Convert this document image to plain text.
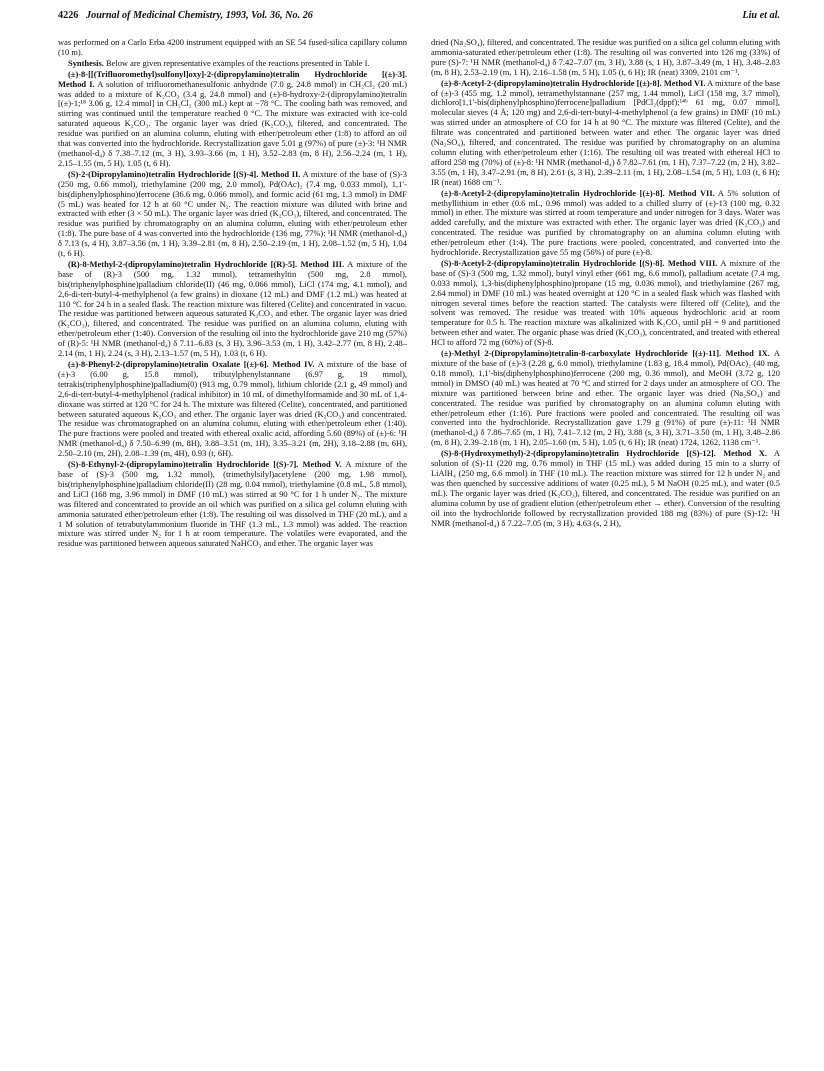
4226 Journal of Medicinal Chemistry, 1993, Vol. 36, No. 26	Liu et al.

was performed on a Carlo Erba 4200 instrument equipped with an SE 54 fused-silica capillary column (10 m).

Synthesis. Below are given representative examples of the reactions presented in Table I.

(±)-8-[[(Trifluoromethyl)sulfonyl]oxy]-2-(dipropylamino)tetralin Hydrochloride [(±)-3]. Method I. A solution of trifluoromethanesulfonic anhydride (7.0 g, 24.8 mmol) in CH₂Cl₂ (20 mL) was added to a mixture of K₂CO₃ (3.4 g, 24.8 mmol) and (±)-8-hydroxy-2-(dipropylamino)tetralin [(±)-1;¹⁸ 3.06 g, 12.4 mmol] in CH₂Cl₂ (300 mL) kept at −78 °C. The cooling bath was removed, and stirring was continued until the temperature reached 0 °C. The mixture was extracted with ice-cold saturated aqueous K₂CO₃. The organic layer was dried (K₂CO₃), filtered, and concentrated. The residue was purified on an alumina column, eluting with ether/petroleum ether (1:8) to afford an oil that was converted into the hydrochloride. Recrystallization gave 5.01 g (97%) of pure (±)-3: ¹H NMR (methanol-d₄) δ 7.38–7.12 (m, 3 H), 3.93–3.66 (m, 1 H), 3.52–2.83 (m, 8 H), 2.56–2.24 (m, 1 H), 2.15–1.55 (m, 5 H), 1.05 (t, 6 H).

(S)-2-(Dipropylamino)tetralin Hydrochloride [(S)-4]. Method II. A mixture of the base of (S)-3 (250 mg, 0.66 mmol), triethylamine (200 mg, 2.0 mmol), Pd(OAc)₂ (7.4 mg, 0.033 mmol), 1,1′-bis(diphenylphosphino)ferrocene (36.6 mg, 0.066 mmol), and formic acid (61 mg, 1.3 mmol) in DMF (5 mL) was heated for 12 h at 60 °C under N₂. The reaction mixture was diluted with brine and extracted with ether (3 × 50 mL). The organic layer was dried (K₂CO₃), filtered, and concentrated. The residue was purified by chromatography on an alumina column, eluting with ether/petroleum ether (1:8). The pure base of 4 was converted into the hydrochloride (136 mg, 77%): ¹H NMR (methanol-d₄) δ 7.13 (s, 4 H), 3.87–3.56 (m, 1 H), 3.39–2.81 (m, 8 H), 2.50–2.19 (m, 1 H), 2.08–1.52 (m, 5 H), 1.04 (t, 6 H).

(R)-8-Methyl-2-(dipropylamino)tetralin Hydrochloride [(R)-5]. Method III. A mixture of the base of (R)-3 (500 mg, 1.32 mmol), tetramethyltin (500 mg, 2.8 mmol), bis(triphenylphosphine)palladium chloride(II) (46 mg, 0.066 mmol), LiCl (174 mg, 4.1 mmol), and 2,6-di-tert-butyl-4-methylphenol (a few grains) in dioxane (12 mL) and DMF (1.2 mL) was heated at 110 °C for 24 h in a sealed flask. The reaction mixture was filtered (Celite) and concentrated in vacuo. The residue was partitioned between aqueous saturated K₂CO₃ and ether. The organic layer was dried (K₂CO₃), filtered, and concentrated. The residue was purified on an alumina column, eluting with ether/petroleum ether (1:40). Conversion of the resulting oil into the hydrochloride gave 210 mg (57%) of (R)-5: ¹H NMR (methanol-d₄) δ 7.11–6.83 (s, 3 H), 3.96–3.53 (m, 1 H), 3.42–2.77 (m, 8 H), 2.48–2.14 (m, 1 H), 2.24 (s, 3 H), 2.13–1.57 (m, 5 H), 1.03 (t, 6 H).

(±)-8-Phenyl-2-(dipropylamino)tetralin Oxalate [(±)-6]. Method IV. A mixture of the base of (±)-3 (6.00 g, 15.8 mmol), tributylphenylstannane (6.97 g, 19 mmol), tetrakis(triphenylphosphine)palladium(0) (913 mg, 0.79 mmol), lithium chloride (2.1 g, 49 mmol) and 2,6-di-tert-butyl-4-methylphenol (radical inhibitor) in 10 mL of dimethylformamide and 30 mL of 1,4-dioxane was stirred at 120 °C for 24 h. The mixture was filtered (Celite), concentrated, and partitioned between saturated aqueous K₂CO₃ and ether. The organic layer was dried (K₂CO₃) and concentrated. The residue was chromatographed on an alumina column, eluting with ether/petroleum ether (1:40). The pure fractions were pooled and treated with ethereal oxalic acid, affording 5.60 (89%) of (±)-6: ¹H NMR (methanol-d₄) δ 7.50–6.99 (m, 8H), 3.88–3.51 (m, 1H), 3.35–3.21 (m, 2H), 3.18–2.88 (m, 6H), 2.50–2.10 (m, 2H), 2.08–1.39 (m, 4H), 0.93 (t, 6H).

(S)-8-Ethynyl-2-(dipropylamino)tetralin Hydrochloride [(S)-7]. Method V. A mixture of the base of (S)-3 (500 mg, 1.32 mmol), (trimethylsilyl)acetylene (200 mg, 1.98 mmol), bis(triphenylphosphine)palladium chloride(II) (28 mg, 0.04 mmol), triethylamine (0.8 mL, 5.8 mmol), and LiCl (168 mg, 3.96 mmol) in DMF (10 mL) was stirred at 90 °C for 1 h under N₂. The mixture was filtered and concentrated to provide an oil which was purified on a silica gel column eluting with ammonia saturated ether/petroleum ether (1:8). The resulting oil was dissolved in THF (20 mL), and a 1 M solution of tetrabutylammonium fluoride in THF (1.3 mL, 1.3 mmol) was added. The reaction mixture was stirred under N₂ for 1 h at room temperature. The volatiles were evaporated, and the residue was partitioned between aqueous saturated NaHCO₃ and ether. The organic layer was

dried (Na₂SO₄), filtered, and concentrated. The residue was purified on a silica gel column eluting with ammonia-saturated ether/petroleum ether (1:8). The resulting oil was converted into 126 mg (33%) of pure (S)-7: ¹H NMR (methanol-d₄) δ 7.42–7.07 (m, 3 H), 3.88 (s, 1 H), 3.87–3.49 (m, 1 H), 3.48–2.83 (m, 8 H), 2.53–2.19 (m, 1 H), 2.16–1.58 (m, 5 H), 1.05 (t, 6 H); IR (neat) 3309, 2101 cm⁻¹.

(±)-8-Acetyl-2-(dipropylamino)tetralin Hydrochloride [(±)-8]. Method VI. A mixture of the base of (±)-3 (455 mg, 1.2 mmol), tetramethylstannane (257 mg, 1.44 mmol), LiCl (158 mg, 3.7 mmol), dichloro[1,1′-bis(diphenylphosphino)ferrocene]palladium [PdCl₂(dppf);¹⁴ᵇ 61 mg, 0.07 mmol], molecular sieves (4 Å; 120 mg) and 2,6-di-tert-butyl-4-methylphenol (a few grains) in DMF (10 mL) was stirred under an atmosphere of CO for 14 h at 90 °C. The mixture was filtered (Celite), and the filtrate was concentrated and partitioned between water and ether. The organic layer was dried (Na₂SO₄), filtered, and concentrated. The residue was purified by chromatography on an alumina column eluting with ether/petroleum ether (1:16). The resulting oil was treated with ethereal HCl to afford 258 mg (70%) of (±)-8: ¹H NMR (methanol-d₄) δ 7.82–7.61 (m, 1 H), 7.37–7.22 (m, 2 H), 3.82–3.55 (m, 1 H), 3.47–2.91 (m, 8 H), 2.61 (s, 3 H), 2.39–2.11 (m, 1 H), 2.08–1.54 (m, 5 H), 1.03 (t, 6 H); IR (neat) 1688 cm⁻¹.

(±)-8-Acetyl-2-(dipropylamino)tetralin Hydrochloride [(±)-8]. Method VII. A 5% solution of methyllithium in ether (0.6 mL, 0.96 mmol) was added to a chilled slurry of (±)-13 (100 mg, 0.32 mmol) in ether. The mixture was stirred at room temperature and under nitrogen for 3 days. Water was added carefully, and the mixture was extracted with ether. The organic layer was dried (K₂CO₃) and concentrated. The residue was purified by chromatography on an alumina column eluting with ether/petroleum ether (1:4). The pure fractions were pooled, concentrated, and converted into the hydrochloride. Recrystallization gave 55 mg (56%) of pure (±)-8.

(S)-8-Acetyl-2-(dipropylamino)tetralin Hydrochloride [(S)-8]. Method VIII. A mixture of the base of (S)-3 (500 mg, 1.32 mmol), butyl vinyl ether (661 mg, 6.6 mmol), palladium acetate (7.4 mg, 0.033 mmol), 1,3-bis(diphenylphosphino)propane (15 mg, 0.036 mmol), and triethylamine (267 mg, 2.64 mmol) in DMF (10 mL) was heated overnight at 120 °C in a sealed flask which was flashed with nitrogen several times before the reaction started. The catalysts were filtered off (Celite), and the solvent was removed. The residue was treated with 10% aqueous hydrochloric acid at room temperature for 0.5 h. The reaction mixture was alkalinized with K₂CO₃ until pH = 9 and partitioned between ether and water. The organic phase was dried (K₂CO₃), concentrated, and treated with ethereal HCl to afford 72 mg (60%) of (S)-8.

(±)-Methyl 2-(Dipropylamino)tetralin-8-carboxylate Hydrochloride [(±)-11]. Method IX. A mixture of the base of (±)-3 (2.28 g, 6.0 mmol), triethylamine (1.83 g, 18.4 mmol), Pd(OAc)₂ (40 mg, 0.18 mmol), 1,1′-bis(diphenylphosphino)ferrocene (200 mg, 0.36 mmol), and MeOH (3.72 g, 120 mmol) in DMSO (40 mL) was heated at 70 °C and stirred for 2 days under an atmosphere of CO. The mixture was partitioned between brine and ether. The organic layer was dried (Na₂SO₄) and concentrated. The residue was purified by chromatography on an alumina column eluting with ether/petroleum ether (1:16). Pure fractions were pooled and concentrated. The resulting oil was converted into the hydrochloride. Recrystallization gave 1.79 g (91%) of pure (±)-11: ¹H NMR (methanol-d₄) δ 7.86–7.65 (m, 1 H), 7.41–7.12 (m, 2 H), 3.88 (s, 3 H), 3.71–3.50 (m, 1 H), 3.48–2.86 (m, 8 H), 2.39–2.18 (m, 1 H), 2.05–1.60 (m, 5 H), 1.05 (t, 6 H); IR (neat) 1724, 1262, 1138 cm⁻¹.

(S)-8-(Hydroxymethyl)-2-(dipropylamino)tetralin Hydrochloride [(S)-12]. Method X. A solution of (S)-11 (220 mg, 0.76 mmol) in THF (15 mL) was added during 15 min to a slurry of LiAlH₄ (250 mg, 6.6 mmol) in THF (10 mL). The reaction mixture was stirred for 12 h under N₂ and was then quenched by successive additions of water (0.25 mL), 5 M NaOH (0.25 mL), and water (0.5 mL). The organic layer was dried (K₂CO₃), filtered, and concentrated. The residue was purified on an alumina column by use of gradient elution (ether/petroleum ether → ether). Conversion of the resulting oil into the hydrochloride followed by recrystallization provided 188 mg (83%) of pure (S)-12: ¹H NMR (methanol-d₄) δ 7.22–7.05 (m, 3 H), 4.63 (s, 2 H),
